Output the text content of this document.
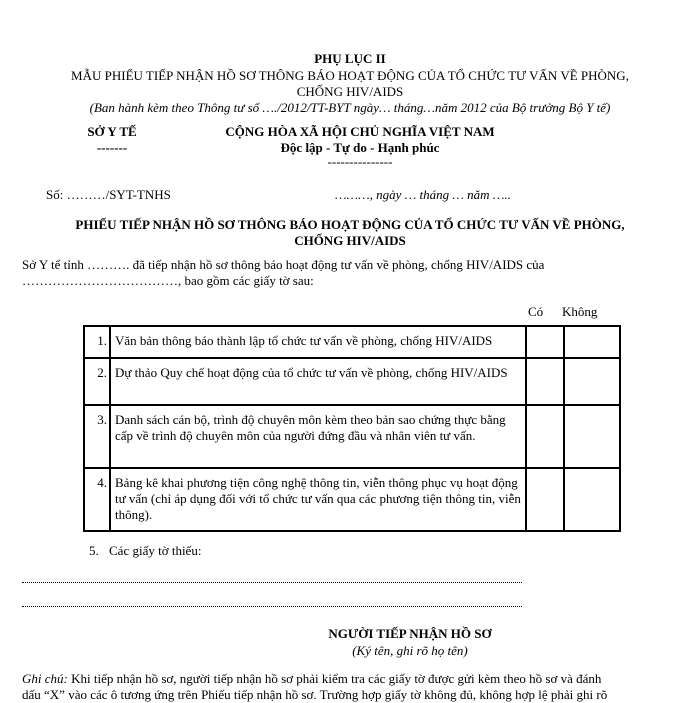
PHỤ LỤC II
MẪU PHIẾU TIẾP NHẬN HỒ SƠ THÔNG BÁO HOẠT ĐỘNG CỦA TỔ CHỨC TƯ VẤN VỀ PHÒNG,
CHỐNG HIV/AIDS
(Ban hành kèm theo Thông tư số …./2012/TT-BYT ngày… tháng…năm 2012 của Bộ trưởng Bộ Y tế)
SỞ Y TẾ
-------
CỘNG HÒA XÃ HỘI CHỦ NGHĨA VIỆT NAM
Độc lập - Tự do - Hạnh phúc
---------------
Số: ………/SYT-TNHS	………, ngày … tháng … năm …..
PHIẾU TIẾP NHẬN HỒ SƠ THÔNG BÁO HOẠT ĐỘNG CỦA TỔ CHỨC TƯ VẤN VỀ PHÒNG,
CHỐNG HIV/AIDS
Sở Y tế tỉnh ………. đã tiếp nhận hồ sơ thông báo hoạt động tư vấn về phòng, chống HIV/AIDS của
………………………………, bao gồm các giấy tờ sau:
Có Không
1.	Văn bản thông báo thành lập tổ chức tư vấn về phòng, chống HIV/AIDS		
2.	Dự thảo Quy chế hoạt động của tổ chức tư vấn về phòng, chống HIV/AIDS		
3.	Danh sách cán bộ, trình độ chuyên môn kèm theo bản sao chứng thực bằng cấp về trình độ chuyên môn của người đứng đầu và nhân viên tư vấn.		
4.	Bảng kê khai phương tiện công nghệ thông tin, viễn thông phục vụ hoạt động tư vấn (chỉ áp dụng đối với tổ chức tư vấn qua các phương tiện thông tin, viễn thông).		
5. Các giấy tờ thiếu:
NGƯỜI TIẾP NHẬN HỒ SƠ
(Ký tên, ghi rõ họ tên)
Ghi chú: Khi tiếp nhận hồ sơ, người tiếp nhận hồ sơ phải kiểm tra các giấy tờ được gửi kèm theo hồ sơ và đánh
dấu “X” vào các ô tương ứng trên Phiếu tiếp nhận hồ sơ. Trường hợp giấy tờ không đủ, không hợp lệ phải ghi rõ
